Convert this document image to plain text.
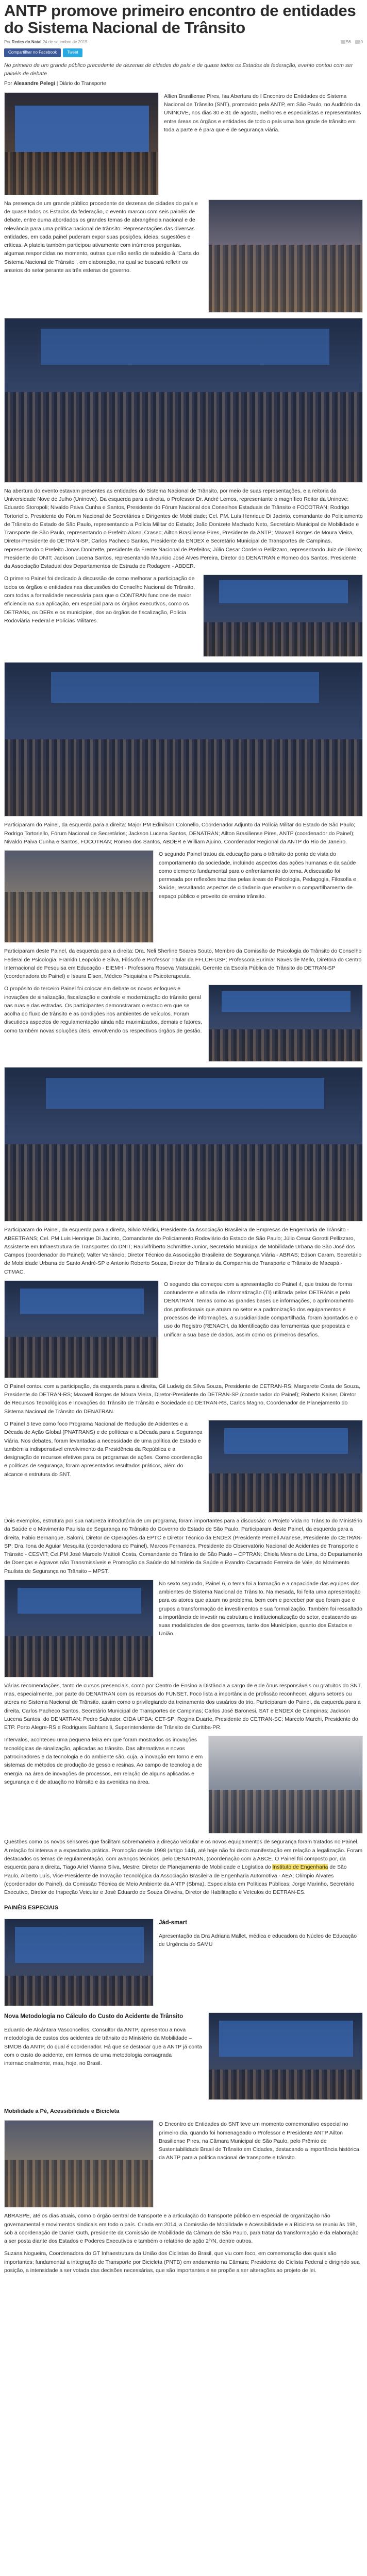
ANTP promove primeiro encontro de entidades do Sistema Nacional de Trânsito
Por Redes do Natal 24 de setembro de 2015	56	0
Compartilhar no Facebook	Tweet

No primeiro de um grande público precedente de dezenas de cidades do país e de quase todos os Estados da federação, evento contou com ser painéis de debate

Por Alexandre Pelegi | Diário do Transporte

Allien Brasiliense Pires, Isa Abertura do I Encontro de Entidades do Sistema Nacional de Trânsito (SNT), promovido pela ANTP, em São Paulo, no Auditório da UNINOVE, nos dias 30 e 31 de agosto, melhores e especialistas e representantes entre áreas os órgãos e entidades de todo o país uma boa grade de trânsito em toda a parte e é para que é de segurança viária.

Na presença de um grande público procedente de dezenas de cidades do país e de quase todos os Estados da federação, o evento marcou com seis painéis de debate, entre duma abordados os grandes temas de abrangência nacional e de relevância para uma política nacional de trânsito. Representações das diversas entidades, em cada painel puderam expor suas posições, ideias, sugestões e críticas. A plateia também participou ativamente com inúmeros perguntas, algumas respondidas no momento, outras que não serão de subsídio à "Carta do Sistema Nacional de Trânsito", em elaboração, na qual se buscará refletir os anseios do setor perante as três esferas de governo.

Na abertura do evento estavam presentes as entidades do Sistema Nacional de Trânsito, por meio de suas representações, e a reitoria da Universidade Nove de Julho (Uninove). Da esquerda para a direita, o Professor Dr. André Lemos, representante o magnífico Reitor da Uninove; Eduardo Storopoli; Nivaldo Paiva Cunha e Santos, Presidente do Fórum Nacional dos Conselhos Estaduais de Trânsito e FOCOTRAN; Rodrigo Tortoriello, Presidente do Fórum Nacional de Secretários e Dirigentes de Mobilidade; Cel. PM. Luís Henrique Di Jacinto, comandante do Policiamento de Trânsito do Estado de São Paulo, representando a Polícia Militar do Estado; João Donizete Machado Neto, Secretário Municipal de Mobilidade e Transporte de São Paulo, representando o Prefeito Alceni Crasec; Ailton Brasiliense Pires, Presidente da ANTP; Maxwell Borges de Moura Vieira, Diretor-Presidente do DETRAN-SP; Carlos Pacheco Santos, Presidente da ENDEX e Secretário Municipal de Transportes de Campinas, representando o Prefeito Jonas Donizette, presidente da Frente Nacional de Prefeitos; Júlio Cesar Cordeiro Pellizzaro, representando Juiz de Direito; Presidente do DNIT; Jackson Lucena Santos, representando Mauricio José Alves Pereira, Diretor do DENATRAN e Romeo dos Santos, Presidente da Associação Estadual dos Departamentos de Estrada de Rodagem - ABDER.

O primeiro Painel foi dedicado à discussão de como melhorar a participação de todos os órgãos e entidades nas discussões do Conselho Nacional de Trânsito, com todas a formalidade necessária para que o CONTRAN funcione de maior eficiencia na sua aplicação, em especial para os órgãos executivos, como os DETRANs, os DERs e os municípios, dos ao órgãos de fiscalização, Polícia Rodoviária Federal e Polícias Militares.

Participaram do Painel, da esquerda para a direita: Major PM Edinilson Colonello, Coordenador Adjunto da Polícia Militar do Estado de São Paulo; Rodrigo Tortoriello, Fórum Nacional de Secretários; Jackson Lucena Santos, DENATRAN; Ailton Brasiliense Pires, ANTP (coordenador do Painel); Nivaldo Paiva Cunha e Santos, FOCOTRAN; Romeo dos Santos, ABDER e William Ajuino, Coordenador Regional da ANTP do Rio de Janeiro.

O segundo Painel tratou da educação para o trânsito do ponto de vista do comportamento da sociedade, incluindo aspectos das ações humanas e da saúde como elemento fundamental para o enfrentamento do tema. A discussão foi permeada por reflexões trazidas pelas áreas de Psicologia, Pedagogia, Filosofia e Saúde, ressaltando aspectos de cidadania que envolvem o compartilhamento de espaço público e proveito de ensino trânsito.

Participaram deste Painel, da esquerda para a direita: Dra. Neli Sherline Soares Souto, Membro da Comissão de Psicologia do Trânsito do Conselho Federal de Psicologia; Frankln Leopoldo e Silva, Filósofo e Professor Titular da FFLCH-USP; Professora Eurimar Naves de Mello, Diretora do Centro Internacional de Pesquisa em Educação - EIEMH - Professora Roseva Matsuzaki, Gerente da Escola Pública de Trânsito do DETRAN-SP (coordenadora do Painel) e Isaura Elsen, Médico Psiquiatra e Psicoterapeuta.

O propósito do terceiro Painel foi colocar em debate os novos enfoques e inovações de sinalização, fiscalização e controle e modernização do trânsito geral nas ruas e das estradas. Os participantes demonstraram o estado em que se acolha do fluxo de trânsito e as condições nos ambientes de veículos. Foram discutidos aspectos de regulamentação ainda não maximizados, demais e fatores, como também novas soluções úteis, envolvendo os respectivos órgãos de gestão.

Participaram do Painel, da esquerda para a direita, Silvio Médici, Presidente da Associação Brasileira de Empresas de Engenharia de Trânsito - ABEETRANS; Cel. PM Luis Henrique Di Jacinto, Comandante do Policiamento Rodoviário do Estado de São Paulo; Júlio Cesar Gorotti Pellizzaro, Assistente em Infraestrutura de Transportes do DNIT; Raulvifriberto Schmittke Junior, Secretário Municipal de Mobilidade Urbana do São José dos Campos (coordenador do Painel); Valter Venâncio, Diretor Técnico da Associação Brasileira de Segurança Viária - ABRAS; Edson Caram, Secretário de Mobilidade Urbana de Santo André-SP e Antonio Roberto Souza, Diretor do Trânsito da Companhia de Transporte e Trânsito de Macapá - CTMAC.

O segundo dia começou com a apresentação do Painel 4, que tratou de forma contundente e afinada de informatização (TI) utilizada pelos DETRANs e pelo DENATRAN. Temas como as grandes bases de informações, o aprimoramento dos profissionais que atuam no setor e a padronização dos equipamentos e processos de informações, a subsidiaridade compartilhada, foram apontados e o uso do Registro (RENACH, da Identificação das ferramentas que propostas e unificar a sua base de dados, assim como os primeiros desafios.

O Painel contou com a participação, da esquerda para a direita, Gil Ludwig da Silva Souza, Presidente de CETRAN-RS; Margarete Costa de Souza, Presidente do DETRAN-RS; Maxwell Borges de Moura Vieira, Diretor-Presidente do DETRAN-SP (coordenador do Painel); Roberto Kaiser, Diretor de Recursos Tecnológicos e Inovações do Trânsito de Trânsito e Sociedade do DETRAN-RS, Carlos Magno, Coordenador de Planejamento do Sistema Nacional de Trânsito do DENATRAN.

O Painel 5 teve como foco Programa Nacional de Redução de Acidentes e a Década de Ação Global (PNATRANS) e de políticas e a Década para a Segurança Viária. Nos debates, foram levantadas a necessidade de uma política de Estado e também a indispensável envolvimento da Presidência da República e a designação de recursos efetivos para os programas de ações. Como coordenação e políticas de segurança, foram apresentados resultados práticos, além do alcance e estrutura do SNT.

Dois exemplos, estrutura por sua natureza introdutória de um programa, foram importantes para a discussão: o Projeto Vida no Trânsito do Ministério da Saúde e o Movimento Paulista de Segurança no Trânsito do Governo do Estado de São Paulo. Participaram deste Painel, da esquerda para a direita, Fabio Bernanque, Salomi, Diretor de Operações da EPTC e Diretor Técnico da ENDEX (Presidente Pernell Aranese, Presidente do CETRAN-SP; Dra. Iona de Aguiar Mesquita (coordenadora do Painel), Marcos Fernandes, Presidente do Observatório Nacional de Acidentes de Transporte e Trânsito - CESVIT; Cel.PM José Marcelo Mattioli Costa, Comandante de Trânsito de São Paulo – CPTRAN; Chiela Mesna de Lima, do Departamento de Doenças e Agravos não Transmissíveis e Promoção da Saúde do Ministério da Saúde e Evandro Cacamado Ferreira de Vale, do Movimento Paulista de Segurança no Trânsito – MPST.

No sexto segundo, Painel 6, o tema foi a formação e a capacidade das equipes dos ambientes de Sistema Nacional de Trânsito. Na mesada, foi feita uma apresentação para os atores que atuam no problema, bem com e perceber por que foram que e grupos a transformação de investimentos e sua formalização. Também foi ressaltado a importância de investir na estrutura e institucionalização do setor, destacando as suas modalidades de dos governos, tanto dos Municípios, quanto dos Estados e União.

Várias recomendações, tanto de cursos presenciais, como por Centro de Ensino a Distância a cargo de e de ônus responsáveis ou gratuitos do SNT, mas, especialmente, por parte do DENATRAN com os recursos do FUNSET. Foco lista a importância de profissão reconhecer, alguns setores ou atores no Sistema Nacional de Trânsito, assim como o privilegiando da treinamento dos usuários do trio. Participaram do Painel, da esquerda para a direita, Carlos Pacheco Santos, Secretário Municipal de Transportes de Campinas; Carlos José Baronesi, SAT e ENDEX de Campinas; Jackson Lucena Santos, do DENATRAN; Pedro Salvador, CIDA UFBA; CET-SP; Regina Duarte, Presidente do CETRAN-SC; Marcelo Marchi, Presidente do ETP. Porto Alegre-RS e Rodrigues Bahtanelli, Superintendente de Trânsito de Curitiba-PR.

Intervalos, aconteceu uma pequena feira em que foram mostrados os inovações tecnológicas de sinalização, aplicadas ao trânsito. Das alternativas e novos patrocinadores e da tecnologia e do ambiente são, cuja, a inovação em torno e em sistemas de métodos de produção de gesso e resinas. Ao campo de tecnologia de energia, na área de inovações de processos, em relação de alguns aplicadas e segurança e é de atuação no trânsito e às avenidas na área.

Questões como os novos sensores que facilitam sobremaneira a direção veicular e os novos equipamentos de segurança foram tratados no Painel. A relação foi intensa e a expectativa prática. Promoção desde 1998 (artigo 144), até hoje não foi dedo manifestação em relação a legalização. Foram destacados os temas de regulamentação, com avanços técnicos, pelo DENATRAN, (coordenação com a ABCE. O Painel foi composto por, da esquerda para a direita, Tiago Ariel Vianna Silva, Mestre; Diretor de Planejamento de Mobilidade e Logística do Instituto de Engenharia de São Paulo, Alberto Luís, Vice-Presidente de Inovação Tecnológica da Associação Brasileira de Engenharia Automotiva - AEA; Olímpio Álvares (coordenador do Painel), da Comissão Técnica de Meio Ambiente da ANTP (Sbma), Especialista em Políticas Públicas; Jorge Marinho, Secretário Executivo, Diretor de Inspeção Veicular e José Eduardo de Souza Oliveira, Diretor de Habilitação e Veículos do DETRAN-ES.

PAINÉIS ESPECIAIS
Jád-smart

Apresentação da Dra Adriana Mallet, médica e educadora do Núcleo de Educação de Urgência do SAMU

Nova Metodologia no Cálculo do Custo do Acidente de Trânsito

Eduardo de Alcântara Vasconcellos, Consultor da ANTP, apresentou a nova metodologia de custos dos acidentes de trânsito do Ministério da Mobilidade – SIMOB da ANTP, do qual é coordenador. Há que se destacar que a ANTP já conta com o custo do acidente, em termos de uma metodologia consagrada internacionalmente, mas, hoje, no Brasil.

Mobilidade a Pé, Acessibilidade e Bicicleta

O Encontro de Entidades do SNT teve um momento comemorativo especial no primeiro dia, quando foi homenageado o Professor e Presidente ANTP Ailton Brasiliense Pires, na Câmara Municipal de São Paulo, pelo Prêmio de Sustentabilidade Brasil de Trânsito em Cidades, destacando a importância histórica da ANTP para a política nacional de transporte e trânsito.

ABRASPE, até os dias atuais, como o órgão central de transporte e a articulação do transporte público em especial de organização não governamental e movimentos sindicais em todo o país. Criada em 2014, a Comissão de Mobilidade e Acessibilidade e a Bicicleta se reuniu às 19h, sob a coordenação de Daniel Guth, presidente da Comissão de Mobilidade da Câmara de São Paulo, para tratar da transformação e da elaboração a ser posta diante dos Estados e Poderes Executivos e também o relatório de ação 2°/N, dentre outros.

Suzana Nogueira, Coordenadora do GT Infraestrutura da União dos Ciclistas do Brasil, que viu com foco, em comemoração dos quais são importantes; fundamental a integração de Transporte por Bicicleta (PNTB) em andamento na Câmara; Presidente do Ciclista Federal e dirigindo sua posição, a intensidade a ser votada das decisões necessárias, que são importantes e se propõe a ser alterações ao projeto de lei.
